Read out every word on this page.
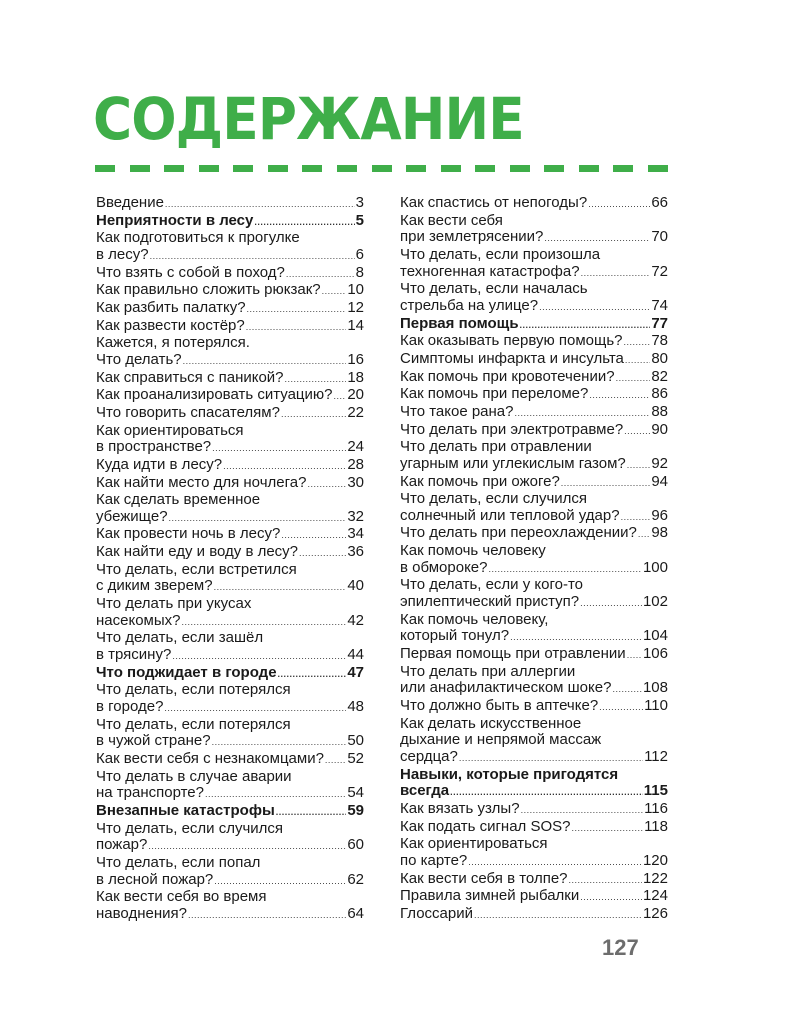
СОДЕРЖАНИЕ
Введение .....	3
Неприятности в лесу .....	5
Как подготовиться к прогулке
в лесу? .....	6
Что взять с собой в поход? .....	8
Как правильно сложить рюкзак? ..... 10
Как разбить палатку? .....	12
Как развести костёр? .....	14
Кажется, я потерялся.
Что делать? .....	16
Как справиться с паникой? .....	18
Как проанализировать ситуацию? ..... 20
Что говорить спасателям? .....	22
Как ориентироваться
в пространстве? .....	24
Куда идти в лесу? .....	28
Как найти место для ночлега? .....	30
Как сделать временное
убежище? .....	32
Как провести ночь в лесу? .....	34
Как найти еду и воду в лесу? .....	36
Что делать, если встретился
с диким зверем? .....	40
Что делать при укусах
насекомых? .....	42
Что делать, если зашёл
в трясину? .....	44
Что поджидает в городе .....	47
Что делать, если потерялся
в городе? .....	48
Что делать, если потерялся
в чужой стране? .....	50
Как вести себя с незнакомцами? ..... 52
Что делать в случае аварии
на транспорте? .....	54
Внезапные катастрофы .....	59
Что делать, если случился
пожар? .....	60
Что делать, если попал
в лесной пожар? .....	62
Как вести себя во время
наводнения? .....	64
Как спастись от непогоды? .....	66
Как вести себя
при землетрясении? .....	70
Что делать, если произошла
техногенная катастрофа? .....	72
Что делать, если началась
стрельба на улице? .....	74
Первая помощь .....	77
Как оказывать первую помощь? ..... 78
Симптомы инфаркта и инсульта ..... 80
Как помочь при кровотечении? ..... 82
Как помочь при переломе? .....	86
Что такое рана? .....	88
Что делать при электротравме? ..... 90
Что делать при отравлении
угарным или углекислым газом? ..... 92
Как помочь при ожоге? .....	94
Что делать, если случился
солнечный или тепловой удар? ..... 96
Что делать при переохлаждении? ..... 98
Как помочь человеку
в обмороке? .....	100
Что делать, если у кого-то
эпилептический приступ? .....	102
Как помочь человеку,
который тонул? .....	104
Первая помощь при отравлении ..... 106
Что делать при аллергии
или анафилактическом шоке? ..... 108
Что должно быть в аптечке? .....	110
Как делать искусственное
дыхание и непрямой массаж
сердца? .....	112
Навыки, которые пригодятся
всегда .....	115
Как вязать узлы? .....	116
Как подать сигнал SOS? .....	118
Как ориентироваться
по карте? .....	120
Как вести себя в толпе? .....	122
Правила зимней рыбалки .....	124
Глоссарий .....	126
127
